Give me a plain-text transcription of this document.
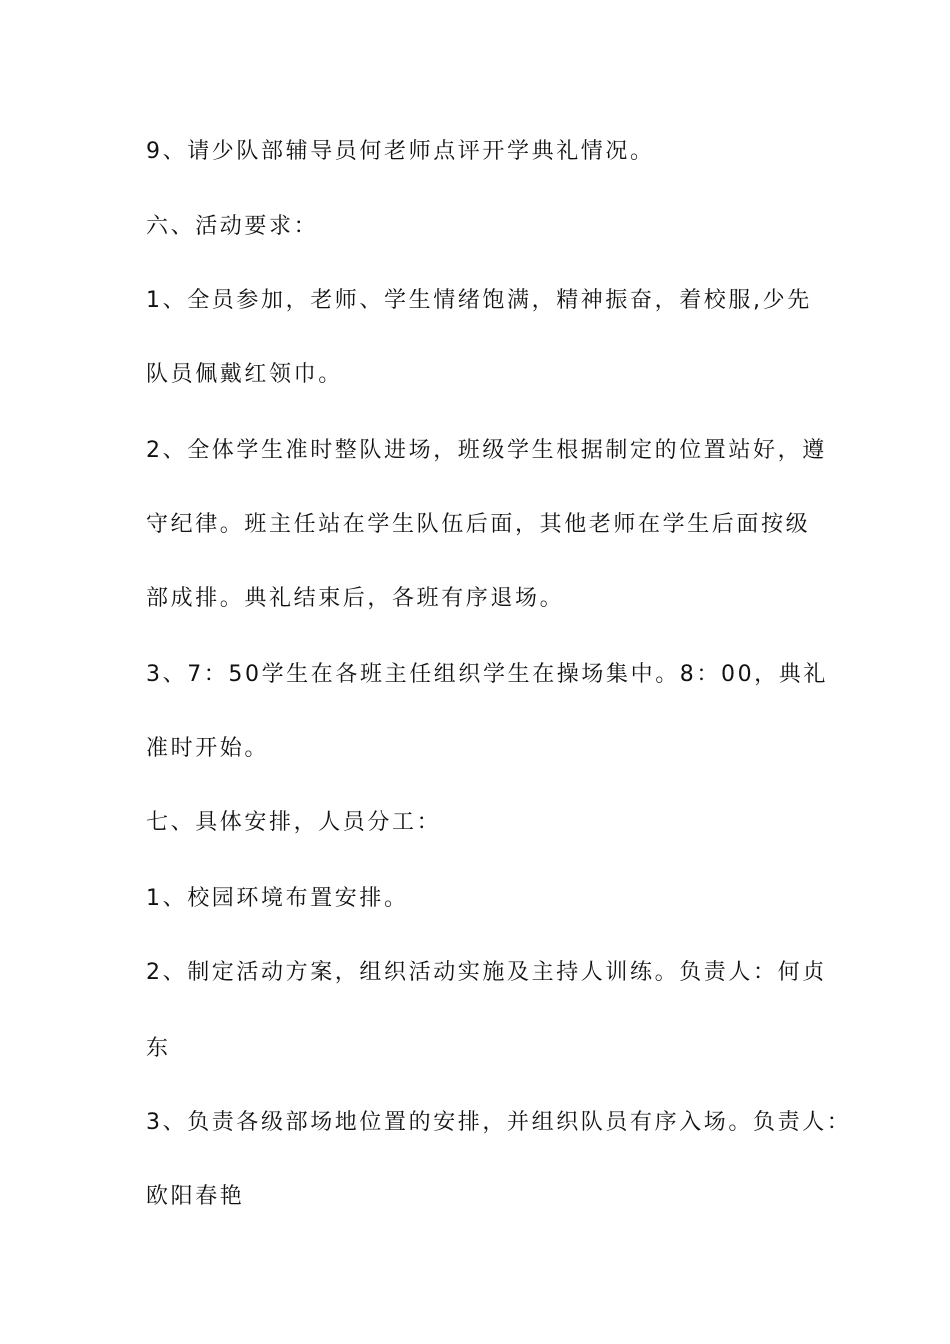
9、请少队部辅导员何老师点评开学典礼情况。
六、活动要求：
1、全员参加，老师、学生情绪饱满，精神振奋，着校服,少先
队员佩戴红领巾。
2、全体学生准时整队进场，班级学生根据制定的位置站好，遵
守纪律。班主任站在学生队伍后面，其他老师在学生后面按级
部成排。典礼结束后，各班有序退场。
3、7：50学生在各班主任组织学生在操场集中。8：00，典礼
准时开始。
七、具体安排，人员分工：
1、校园环境布置安排。
2、制定活动方案，组织活动实施及主持人训练。负责人：何贞
东
3、负责各级部场地位置的安排，并组织队员有序入场。负责人：
欧阳春艳
